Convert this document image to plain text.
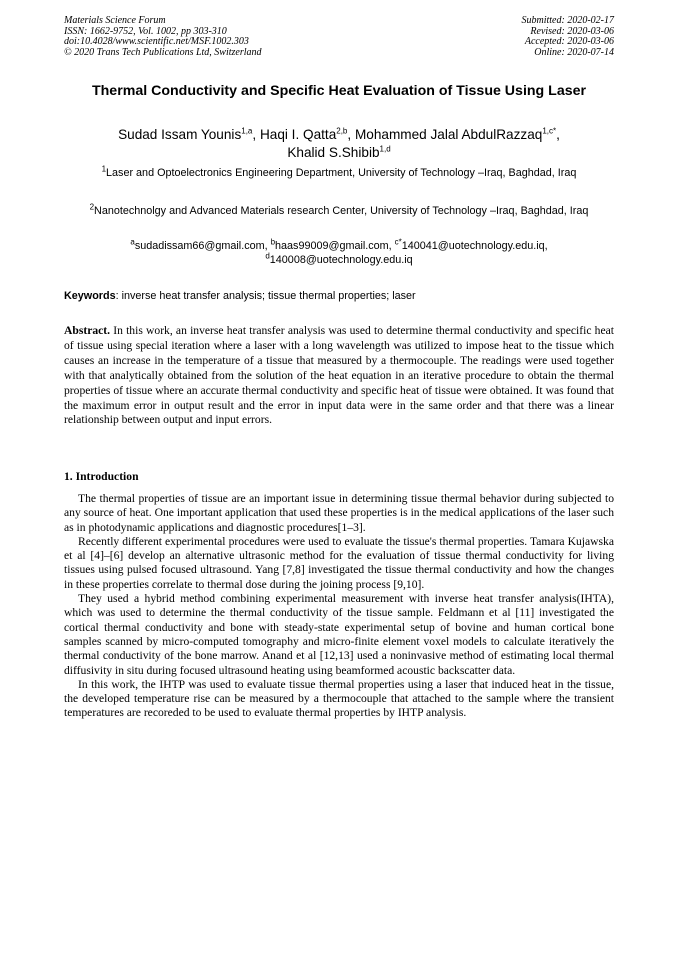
Materials Science Forum
ISSN: 1662-9752, Vol. 1002, pp 303-310
doi:10.4028/www.scientific.net/MSF.1002.303
© 2020 Trans Tech Publications Ltd, Switzerland
Submitted: 2020-02-17
Revised: 2020-03-06
Accepted: 2020-03-06
Online: 2020-07-14
Thermal Conductivity and Specific Heat Evaluation of Tissue Using Laser
Sudad Issam Younis$^{1,a}$, Haqi I. Qatta$^{2,b}$, Mohammed Jalal AbdulRazzaq$^{1,c*}$,
Khalid S.Shibib$^{1,d}$
$^1$Laser and Optoelectronics Engineering Department, University of Technology –Iraq, Baghdad, Iraq
$^2$Nanotechnolgy and Advanced Materials research Center, University of Technology –Iraq, Baghdad, Iraq
$^a$sudadissam66@gmail.com, $^b$haas99009@gmail.com, $^{c*}$140041@uotechnology.edu.iq,
$^d$140008@uotechnology.edu.iq
Keywords: inverse heat transfer analysis; tissue thermal properties; laser
Abstract. In this work, an inverse heat transfer analysis was used to determine thermal conductivity and specific heat of tissue using special iteration where a laser with a long wavelength was utilized to impose heat to the tissue which causes an increase in the temperature of a tissue that measured by a thermocouple. The readings were used together with that analytically obtained from the solution of the heat equation in an iterative procedure to obtain the thermal properties of tissue where an accurate thermal conductivity and specific heat of tissue were obtained. It was found that the maximum error in output result and the error in input data were in the same order and that there was a linear relationship between output and input errors.
1. Introduction

The thermal properties of tissue are an important issue in determining tissue thermal behavior during subjected to any source of heat. One important application that used these properties is in the medical applications of the laser such as in photodynamic applications and diagnostic procedures[1–3].

Recently different experimental procedures were used to evaluate the tissue's thermal properties. Tamara Kujawska et al [4]–[6] develop an alternative ultrasonic method for the evaluation of tissue thermal conductivity for living tissues using pulsed focused ultrasound. Yang [7,8] investigated the tissue thermal conductivity and how the changes in these properties correlate to thermal dose during the joining process [9,10].

They used a hybrid method combining experimental measurement with inverse heat transfer analysis(IHTA), which was used to determine the thermal conductivity of the tissue sample. Feldmann et al [11] investigated the cortical thermal conductivity and bone with steady-state experimental setup of bovine and human cortical bone samples scanned by micro-computed tomography and micro-finite element voxel models to calculate iteratively the thermal conductivity of the bone marrow. Anand et al [12,13] used a noninvasive method of estimating local thermal diffusivity in situ during focused ultrasound heating using beamformed acoustic backscatter data.

In this work, the IHTP was used to evaluate tissue thermal properties using a laser that induced heat in the tissue, the developed temperature rise can be measured by a thermocouple that attached to the sample where the transient temperatures are recoreded to be used to evaluate thermal properties by IHTP analysis.
